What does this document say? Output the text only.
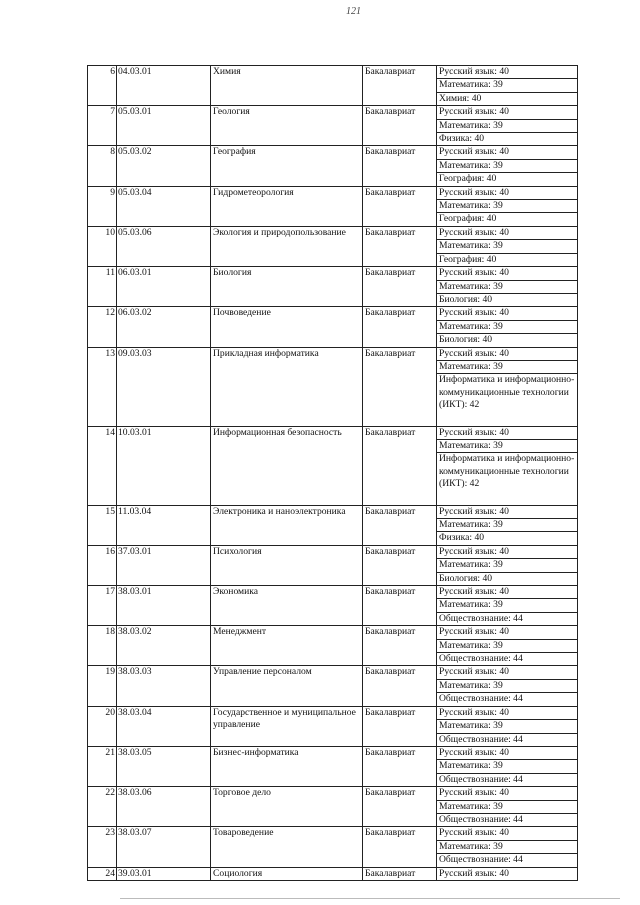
121
6	04.03.01	Химия	Бакалавриат	Русский язык: 40
Математика: 39
Химия: 40

7	05.03.01	Геология	Бакалавриат	Русский язык: 40
Математика: 39
Физика: 40

8	05.03.02	География	Бакалавриат	Русский язык: 40
Математика: 39
География: 40

9	05.03.04	Гидрометеорология	Бакалавриат	Русский язык: 40
Математика: 39
География: 40

10	05.03.06	Экология и природопользование	Бакалавриат	Русский язык: 40
Математика: 39
География: 40

11	06.03.01	Биология	Бакалавриат	Русский язык: 40
Математика: 39
Биология: 40

12	06.03.02	Почвоведение	Бакалавриат	Русский язык: 40
Математика: 39
Биология: 40

13	09.03.03	Прикладная информатика	Бакалавриат	Русский язык: 40
Математика: 39
Информатика и информационно-коммуникационные технологии (ИКТ): 42

14	10.03.01	Информационная безопасность	Бакалавриат	Русский язык: 40
Математика: 39
Информатика и информационно-коммуникационные технологии (ИКТ): 42

15	11.03.04	Электроника и наноэлектроника	Бакалавриат	Русский язык: 40
Математика: 39
Физика: 40

16	37.03.01	Психология	Бакалавриат	Русский язык: 40
Математика: 39
Биология: 40

17	38.03.01	Экономика	Бакалавриат	Русский язык: 40
Математика: 39
Обществознание: 44

18	38.03.02	Менеджмент	Бакалавриат	Русский язык: 40
Математика: 39
Обществознание: 44

19	38.03.03	Управление персоналом	Бакалавриат	Русский язык: 40
Математика: 39
Обществознание: 44

20	38.03.04	Государственное и муниципальное управление	Бакалавриат	Русский язык: 40
Математика: 39
Обществознание: 44

21	38.03.05	Бизнес-информатика	Бакалавриат	Русский язык: 40
Математика: 39
Обществознание: 44

22	38.03.06	Торговое дело	Бакалавриат	Русский язык: 40
Математика: 39
Обществознание: 44

23	38.03.07	Товароведение	Бакалавриат	Русский язык: 40
Математика: 39
Обществознание: 44

24	39.03.01	Социология	Бакалавриат	Русский язык: 40
